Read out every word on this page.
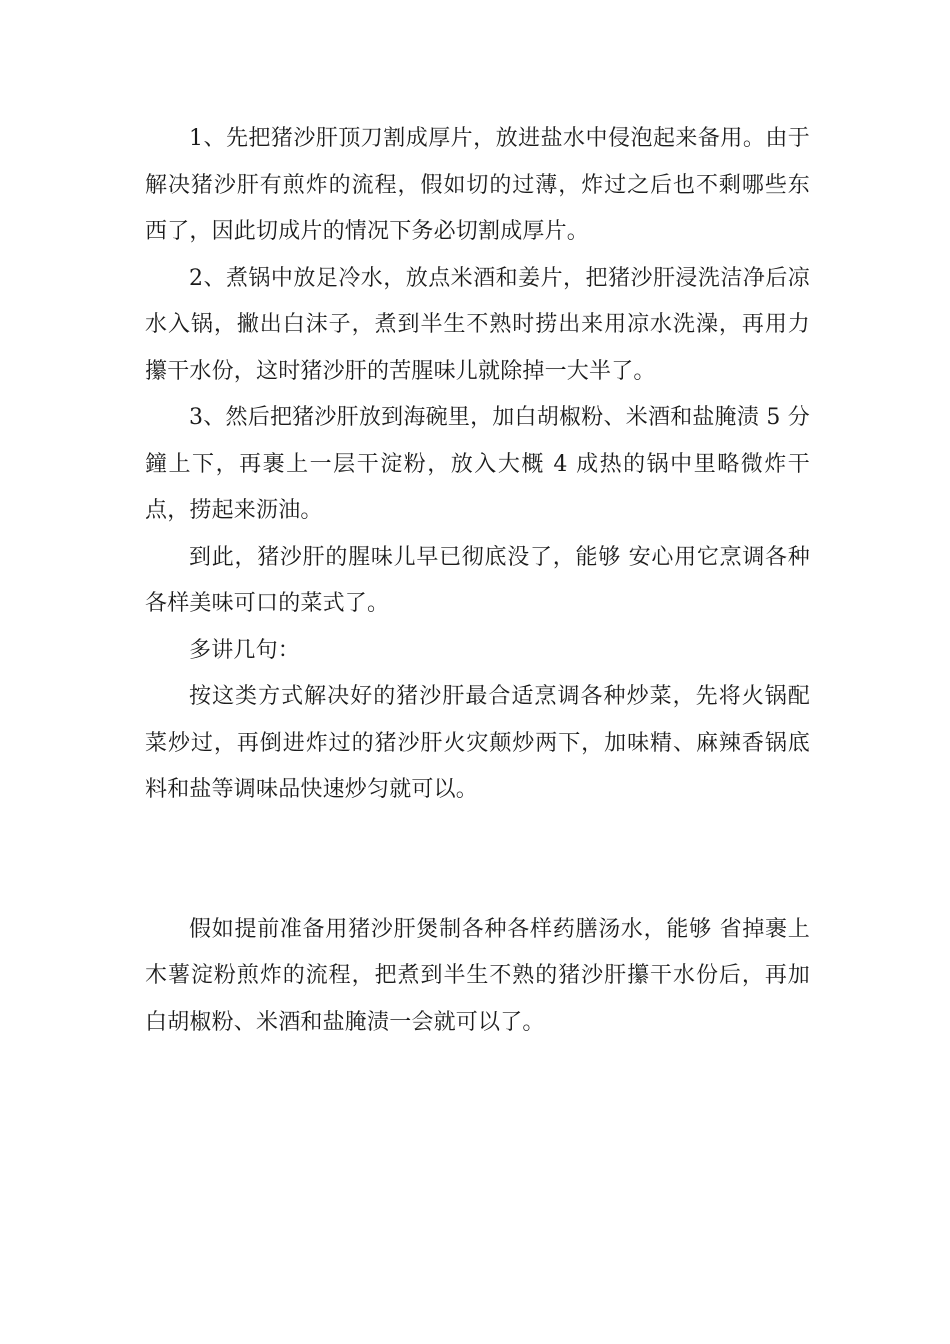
1、先把猪沙肝顶刀割成厚片，放进盐水中侵泡起来备用。由于解决猪沙肝有煎炸的流程，假如切的过薄，炸过之后也不剩哪些东西了，因此切成片的情况下务必切割成厚片。

2、煮锅中放足冷水，放点米酒和姜片，把猪沙肝浸洗洁净后凉水入锅，撇出白沫子，煮到半生不熟时捞出来用凉水洗澡，再用力攥干水份，这时猪沙肝的苦腥味儿就除掉一大半了。

3、然后把猪沙肝放到海碗里，加白胡椒粉、米酒和盐腌渍 5 分鐘上下，再裹上一层干淀粉，放入大概 4 成热的锅中里略微炸干点，捞起来沥油。

到此，猪沙肝的腥味儿早已彻底没了，能够 安心用它烹调各种各样美味可口的菜式了。

多讲几句：

按这类方式解决好的猪沙肝最合适烹调各种炒菜，先将火锅配菜炒过，再倒进炸过的猪沙肝火灾颠炒两下，加味精、麻辣香锅底料和盐等调味品快速炒匀就可以。

假如提前准备用猪沙肝煲制各种各样药膳汤水，能够 省掉裹上木薯淀粉煎炸的流程，把煮到半生不熟的猪沙肝攥干水份后，再加白胡椒粉、米酒和盐腌渍一会就可以了。
